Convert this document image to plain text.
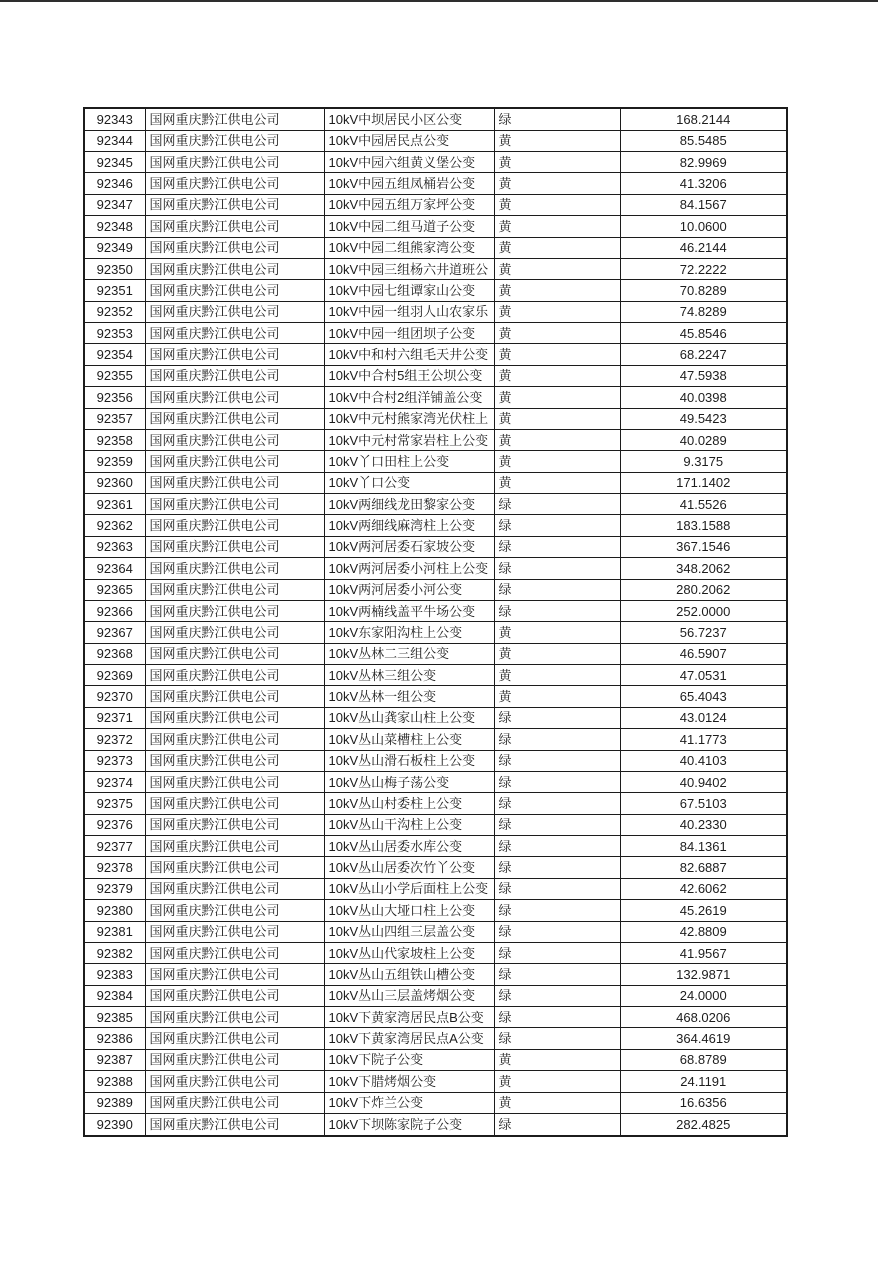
92343	国网重庆黔江供电公司	10kV中坝居民小区公变	绿	168.2144
92344	国网重庆黔江供电公司	10kV中园居民点公变	黄	85.5485
92345	国网重庆黔江供电公司	10kV中园六组黄义堡公变	黄	82.9969
92346	国网重庆黔江供电公司	10kV中园五组凤桶岩公变	黄	41.3206
92347	国网重庆黔江供电公司	10kV中园五组万家坪公变	黄	84.1567
92348	国网重庆黔江供电公司	10kV中园二组马道子公变	黄	10.0600
92349	国网重庆黔江供电公司	10kV中园二组熊家湾公变	黄	46.2144
92350	国网重庆黔江供电公司	10kV中园三组杨六井道班公	黄	72.2222
92351	国网重庆黔江供电公司	10kV中园七组谭家山公变	黄	70.8289
92352	国网重庆黔江供电公司	10kV中园一组羽人山农家乐	黄	74.8289
92353	国网重庆黔江供电公司	10kV中园一组团坝子公变	黄	45.8546
92354	国网重庆黔江供电公司	10kV中和村六组毛天井公变	黄	68.2247
92355	国网重庆黔江供电公司	10kV中合村5组王公坝公变	黄	47.5938
92356	国网重庆黔江供电公司	10kV中合村2组洋铺盖公变	黄	40.0398
92357	国网重庆黔江供电公司	10kV中元村熊家湾光伏柱上	黄	49.5423
92358	国网重庆黔江供电公司	10kV中元村常家岩柱上公变	黄	40.0289
92359	国网重庆黔江供电公司	10kV丫口田柱上公变	黄	9.3175
92360	国网重庆黔江供电公司	10kV丫口公变	黄	171.1402
92361	国网重庆黔江供电公司	10kV两细线龙田黎家公变	绿	41.5526
92362	国网重庆黔江供电公司	10kV两细线麻湾柱上公变	绿	183.1588
92363	国网重庆黔江供电公司	10kV两河居委石家坡公变	绿	367.1546
92364	国网重庆黔江供电公司	10kV两河居委小河柱上公变	绿	348.2062
92365	国网重庆黔江供电公司	10kV两河居委小河公变	绿	280.2062
92366	国网重庆黔江供电公司	10kV两楠线盖平牛场公变	绿	252.0000
92367	国网重庆黔江供电公司	10kV东家阳沟柱上公变	黄	56.7237
92368	国网重庆黔江供电公司	10kV丛林二三组公变	黄	46.5907
92369	国网重庆黔江供电公司	10kV丛林三组公变	黄	47.0531
92370	国网重庆黔江供电公司	10kV丛林一组公变	黄	65.4043
92371	国网重庆黔江供电公司	10kV丛山龚家山柱上公变	绿	43.0124
92372	国网重庆黔江供电公司	10kV丛山菜槽柱上公变	绿	41.1773
92373	国网重庆黔江供电公司	10kV丛山滑石板柱上公变	绿	40.4103
92374	国网重庆黔江供电公司	10kV丛山梅子荡公变	绿	40.9402
92375	国网重庆黔江供电公司	10kV丛山村委柱上公变	绿	67.5103
92376	国网重庆黔江供电公司	10kV丛山干沟柱上公变	绿	40.2330
92377	国网重庆黔江供电公司	10kV丛山居委水库公变	绿	84.1361
92378	国网重庆黔江供电公司	10kV丛山居委次竹丫公变	绿	82.6887
92379	国网重庆黔江供电公司	10kV丛山小学后面柱上公变	绿	42.6062
92380	国网重庆黔江供电公司	10kV丛山大垭口柱上公变	绿	45.2619
92381	国网重庆黔江供电公司	10kV丛山四组三层盖公变	绿	42.8809
92382	国网重庆黔江供电公司	10kV丛山代家坡柱上公变	绿	41.9567
92383	国网重庆黔江供电公司	10kV丛山五组铁山槽公变	绿	132.9871
92384	国网重庆黔江供电公司	10kV丛山三层盖烤烟公变	绿	24.0000
92385	国网重庆黔江供电公司	10kV下黄家湾居民点B公变	绿	468.0206
92386	国网重庆黔江供电公司	10kV下黄家湾居民点A公变	绿	364.4619
92387	国网重庆黔江供电公司	10kV下院子公变	黄	68.8789
92388	国网重庆黔江供电公司	10kV下腊烤烟公变	黄	24.1191
92389	国网重庆黔江供电公司	10kV下炸兰公变	黄	16.6356
92390	国网重庆黔江供电公司	10kV下坝陈家院子公变	绿	282.4825
